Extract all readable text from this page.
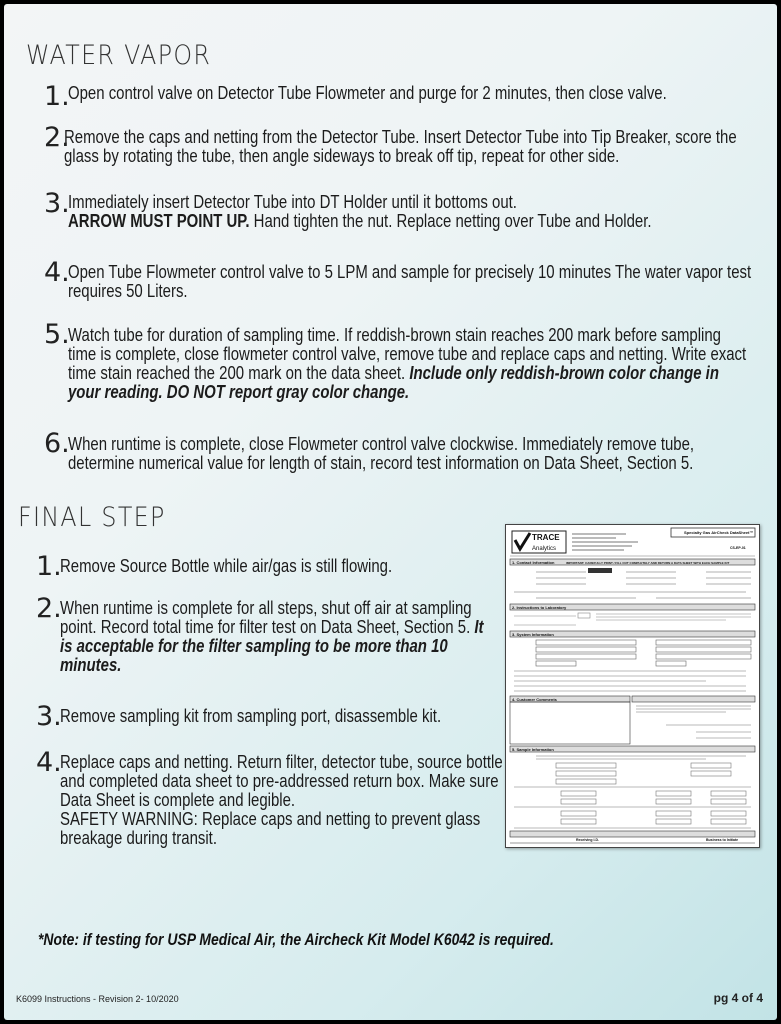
WATER VAPOR
1.
Open control valve on Detector Tube Flowmeter and purge for 2 minutes, then close valve.
2.
Remove the caps and netting from the Detector Tube. Insert Detector Tube into Tip Breaker, score the glass by rotating the tube, then angle sideways to break off tip, repeat for other side.
3.
Immediately insert Detector Tube into DT Holder until it bottoms out.
ARROW MUST POINT UP. Hand tighten the nut. Replace netting over Tube and Holder.
4.
Open Tube Flowmeter control valve to 5 LPM and sample for precisely 10 minutes The water vapor test requires 50 Liters.
5.
Watch tube for duration of sampling time. If reddish-brown stain reaches 200 mark before sampling time is complete, close flowmeter control valve, remove tube and replace caps and netting. Write exact time stain reached the 200 mark on the data sheet. Include only reddish-brown color change in your reading. DO NOT report gray color change.
6.
When runtime is complete, close Flowmeter control valve clockwise. Immediately remove tube, determine numerical value for length of stain, record test information on Data Sheet, Section 5.
FINAL STEP
1.
Remove Source Bottle while air/gas is still flowing.
2.
When runtime is complete for all steps, shut off air at sampling point. Record total time for filter test on Data Sheet, Section 5. It is acceptable for the filter sampling to be more than 10 minutes.
3.
Remove sampling kit from sampling port, disassemble kit.
4.
Replace caps and netting. Return filter, detector tube, source bottle and completed data sheet to pre-addressed return box. Make sure Data Sheet is complete and legible.
SAFETY WARNING: Replace caps and netting to prevent glass breakage during transit.
TRACE
Analytics
Specialty Gas AirCheck DataSheet™
CS-EP-01
1. Contact Information	IMPORTANT: CAREFULLY PRINT / FILL OUT COMPLETELY AND RETURN A DATA SHEET WITH EACH SAMPLE KIT
2. Instructions to Laboratory
3. System Information
4. Customer Comments
5. Sample Information
Receiving I.D.	Business to Initiate
*Note: if testing for USP Medical Air, the Aircheck Kit Model K6042 is required.
K6099 Instructions - Revision 2- 10/2020	pg 4 of 4
